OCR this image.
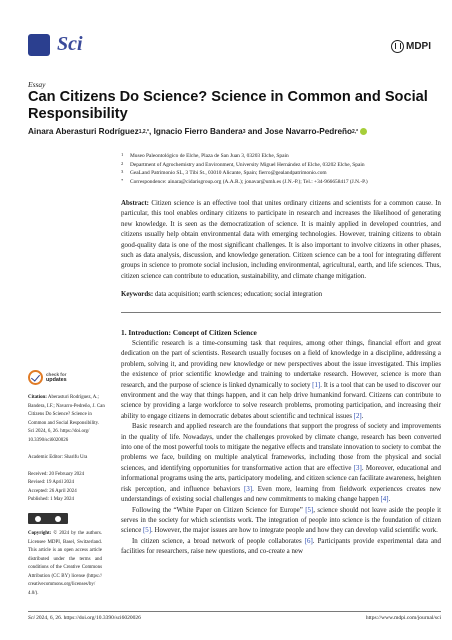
Sci	MDPI
Essay
Can Citizens Do Science? Science in Common and Social Responsibility
Ainara Aberasturi Rodríguez 1,2,* , Ignacio Fierro Bandera 3 and Jose Navarro-Pedreño 2,*
1	Museo Paleontológico de Elche, Plaza de San Juan 3, 03203 Elche, Spain
2	Department of Agrochemistry and Environment, University Miguel Hernández of Elche, 03202 Elche, Spain
3	GeaLand Patrimonio SL, 3 Tibi St., 03010 Alicante, Spain; fierro@gealandpatrimonio.com
*	Correspondence: ainara@cidarisgroup.org (A.A.R.); jonavar@umh.es (J.N.-P.); Tel.: +34-966658417 (J.N.-P.)
Abstract: Citizen science is an effective tool that unites ordinary citizens and scientists for a common cause. In particular, this tool enables ordinary citizens to participate in research and increases the likelihood of generating new knowledge. It is seen as the democratization of science. It is mainly applied in developed countries, and citizens usually help obtain environmental data with emerging technologies. However, training citizens to obtain good-quality data is one of the most significant challenges. It is also important to involve citizens in other phases, such as data analysis, discussion, and knowledge generation. Citizen science can be a tool for integrating different groups in science to promote social inclusion, including environmental, agricultural, earth, and life sciences. Thus, citizen science can contribute to education, sustainability, and climate change mitigation.
Keywords: data acquisition; earth sciences; education; social integration
check for
updates
Citation: Aberasturi Rodríguez, A.;
Bandera, I.F.; Navarro-Pedreño, J. Can
Citizens Do Science? Science in
Common and Social Responsibility.
Sci 2024, 6, 26. https://doi.org/
10.3390/sci6020026
Academic Editor: Sharifu Ura
Received: 20 February 2024
Revised: 19 April 2024
Accepted: 26 April 2024
Published: 1 May 2024
Copyright: © 2024 by the authors. Licensee MDPI, Basel, Switzerland. This article is an open access article distributed under the terms and conditions of the Creative Commons Attribution (CC BY) license (https:// creativecommons.org/licenses/by/ 4.0/).
1. Introduction: Concept of Citizen Science

Scientific research is a time-consuming task that requires, among other things, financial effort and great dedication on the part of scientists. Research usually focuses on a field of knowledge in a discipline, addressing a problem, solving it, and providing new knowledge or new perspectives about the issue investigated. This implies the existence of prior scientific knowledge and training to undertake research. However, science is more than research, and the purpose of science is linked dynamically to society [1]. It is a tool that can be used to discover our environment and the way that things happen, and it can help drive humankind forward. Citizens can contribute to science by providing a large workforce to solve research problems, promoting participation, and increasing their ability to engage citizens in democratic debates about scientific and technical issues [2].

Basic research and applied research are the foundations that support the progress of society and improvements in the quality of life. Nowadays, under the challenges provoked by climate change, research has been converted into one of the most powerful tools to mitigate the negative effects and translate innovation to society to combat the problems we face, building on multiple analytical frameworks, including those from the physical and social sciences, and identifying opportunities for transformative action that are effective [3]. Moreover, educational and informational programs using the arts, participatory modeling, and citizen science can facilitate awareness, heighten risk perception, and influence behaviors [3]. Even more, learning from fieldwork experiences creates new understandings of existing social challenges and new commitments to making change happen [4].

Following the “White Paper on Citizen Science for Europe” [5], science should not leave aside the people it serves in the society for which scientists work. The integration of people into science is the foundation of citizen science [5]. However, the major issues are how to integrate people and how they can develop valid scientific work.

In citizen science, a broad network of people collaborates [6]. Participants provide experimental data and facilities for researchers, raise new questions, and co-create a new

Sci 2024, 6, 26. https://doi.org/10.3390/sci6020026	https://www.mdpi.com/journal/sci
